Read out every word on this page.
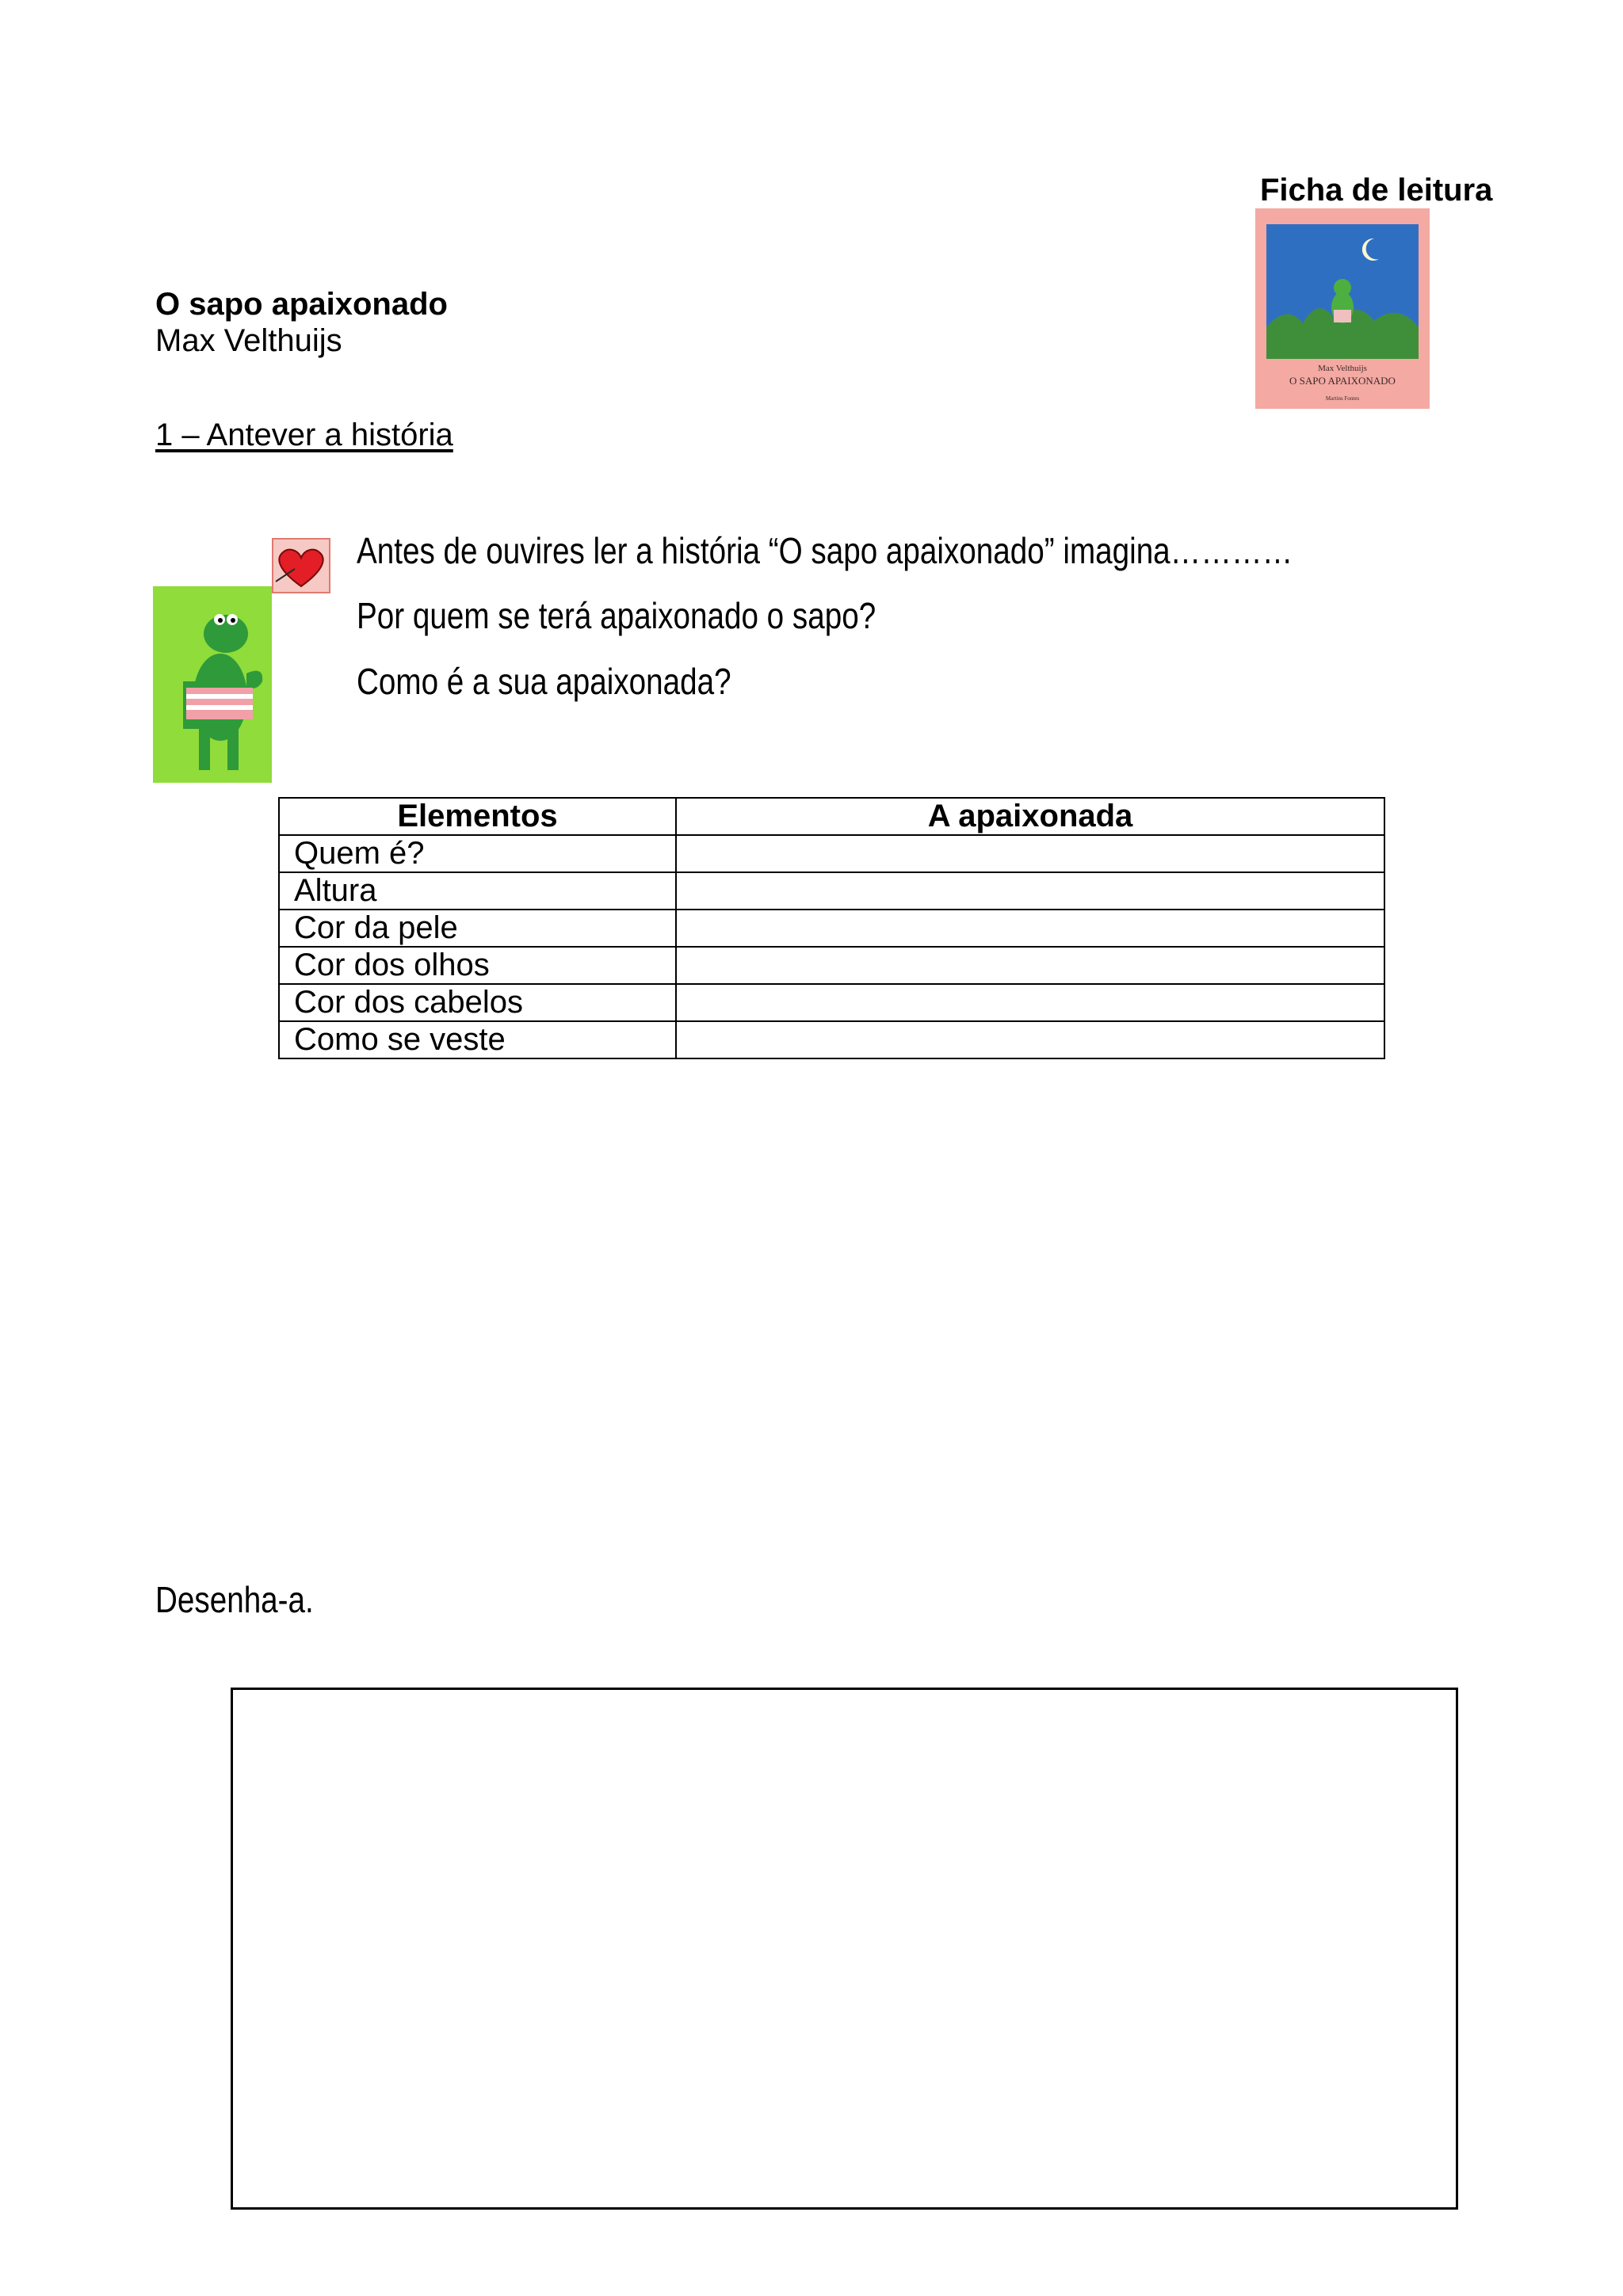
Ficha de leitura
Max Velthuijs
O SAPO APAIXONADO
Martins Fontes
O sapo apaixonado
Max Velthuijs
1 – Antever a história
Antes de ouvires ler a história “O sapo apaixonado” imagina…………
Por quem se terá apaixonado o sapo?
Como é a sua apaixonada?
Elementos	A apaixonada
Quem é?	
Altura	
Cor da pele	
Cor dos olhos	
Cor dos cabelos	
Como se veste	
Desenha-a.
